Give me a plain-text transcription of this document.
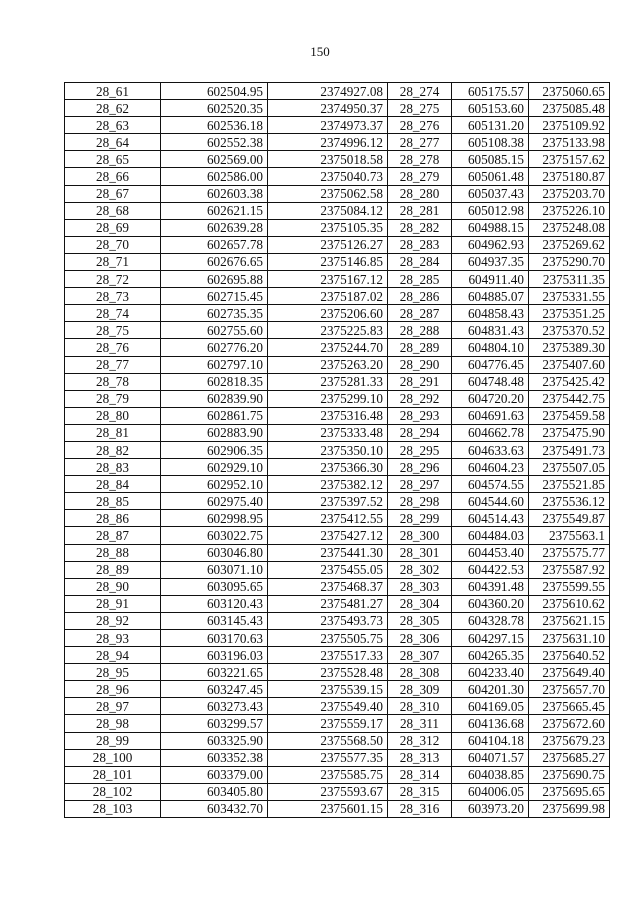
150
28_61	602504.95	2374927.08	28_274	605175.57	2375060.65
28_62	602520.35	2374950.37	28_275	605153.60	2375085.48
28_63	602536.18	2374973.37	28_276	605131.20	2375109.92
28_64	602552.38	2374996.12	28_277	605108.38	2375133.98
28_65	602569.00	2375018.58	28_278	605085.15	2375157.62
28_66	602586.00	2375040.73	28_279	605061.48	2375180.87
28_67	602603.38	2375062.58	28_280	605037.43	2375203.70
28_68	602621.15	2375084.12	28_281	605012.98	2375226.10
28_69	602639.28	2375105.35	28_282	604988.15	2375248.08
28_70	602657.78	2375126.27	28_283	604962.93	2375269.62
28_71	602676.65	2375146.85	28_284	604937.35	2375290.70
28_72	602695.88	2375167.12	28_285	604911.40	2375311.35
28_73	602715.45	2375187.02	28_286	604885.07	2375331.55
28_74	602735.35	2375206.60	28_287	604858.43	2375351.25
28_75	602755.60	2375225.83	28_288	604831.43	2375370.52
28_76	602776.20	2375244.70	28_289	604804.10	2375389.30
28_77	602797.10	2375263.20	28_290	604776.45	2375407.60
28_78	602818.35	2375281.33	28_291	604748.48	2375425.42
28_79	602839.90	2375299.10	28_292	604720.20	2375442.75
28_80	602861.75	2375316.48	28_293	604691.63	2375459.58
28_81	602883.90	2375333.48	28_294	604662.78	2375475.90
28_82	602906.35	2375350.10	28_295	604633.63	2375491.73
28_83	602929.10	2375366.30	28_296	604604.23	2375507.05
28_84	602952.10	2375382.12	28_297	604574.55	2375521.85
28_85	602975.40	2375397.52	28_298	604544.60	2375536.12
28_86	602998.95	2375412.55	28_299	604514.43	2375549.87
28_87	603022.75	2375427.12	28_300	604484.03	2375563.1
28_88	603046.80	2375441.30	28_301	604453.40	2375575.77
28_89	603071.10	2375455.05	28_302	604422.53	2375587.92
28_90	603095.65	2375468.37	28_303	604391.48	2375599.55
28_91	603120.43	2375481.27	28_304	604360.20	2375610.62
28_92	603145.43	2375493.73	28_305	604328.78	2375621.15
28_93	603170.63	2375505.75	28_306	604297.15	2375631.10
28_94	603196.03	2375517.33	28_307	604265.35	2375640.52
28_95	603221.65	2375528.48	28_308	604233.40	2375649.40
28_96	603247.45	2375539.15	28_309	604201.30	2375657.70
28_97	603273.43	2375549.40	28_310	604169.05	2375665.45
28_98	603299.57	2375559.17	28_311	604136.68	2375672.60
28_99	603325.90	2375568.50	28_312	604104.18	2375679.23
28_100	603352.38	2375577.35	28_313	604071.57	2375685.27
28_101	603379.00	2375585.75	28_314	604038.85	2375690.75
28_102	603405.80	2375593.67	28_315	604006.05	2375695.65
28_103	603432.70	2375601.15	28_316	603973.20	2375699.98
